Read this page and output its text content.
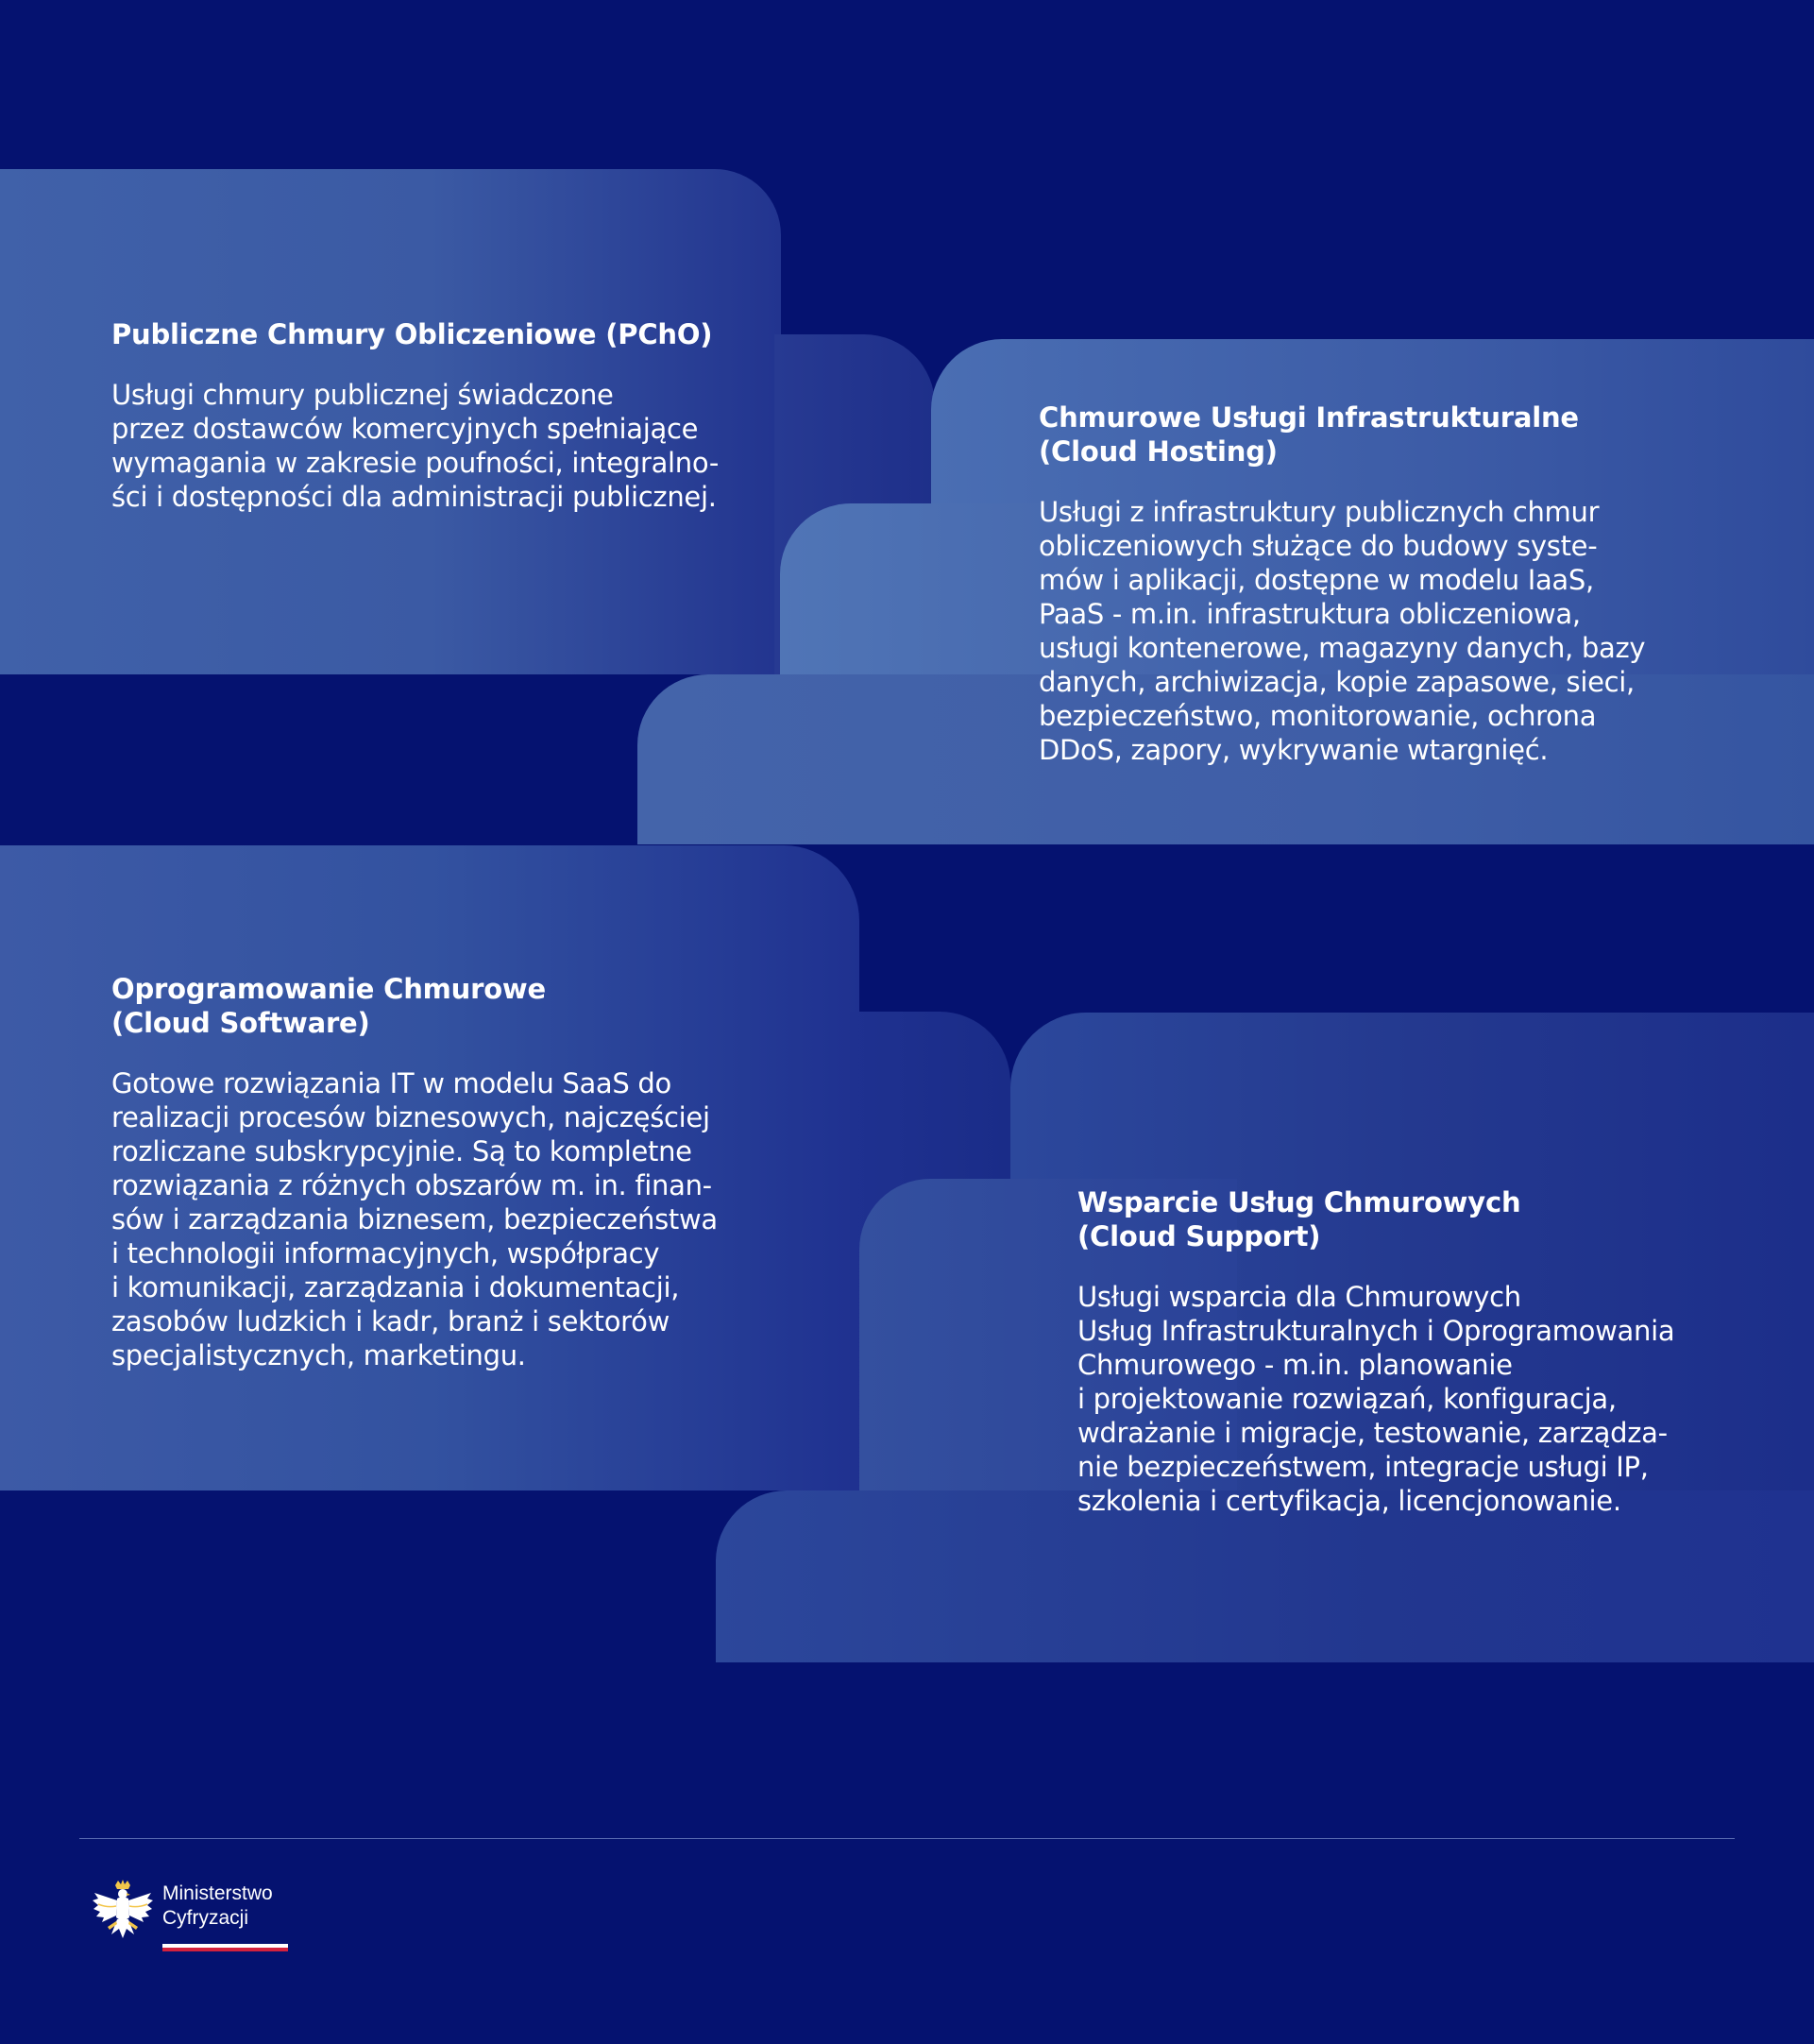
Publiczne Chmury Obliczeniowe (PChO)

Usługi chmury publicznej świadczone
przez dostawców komercyjnych spełniające
wymagania w zakresie poufności, integralno-
ści i dostępności dla administracji publicznej.

Chmurowe Usługi Infrastrukturalne
(Cloud Hosting)

Usługi z infrastruktury publicznych chmur
obliczeniowych służące do budowy syste-
mów i aplikacji, dostępne w modelu IaaS,
PaaS - m.in. infrastruktura obliczeniowa,
usługi kontenerowe, magazyny danych, bazy
danych, archiwizacja, kopie zapasowe, sieci,
bezpieczeństwo, monitorowanie, ochrona
DDoS, zapory, wykrywanie wtargnięć.

Oprogramowanie Chmurowe
(Cloud Software)

Gotowe rozwiązania IT w modelu SaaS do
realizacji procesów biznesowych, najczęściej
rozliczane subskrypcyjnie. Są to kompletne
rozwiązania z różnych obszarów m. in. finan-
sów i zarządzania biznesem, bezpieczeństwa
i technologii informacyjnych, współpracy
i komunikacji, zarządzania i dokumentacji,
zasobów ludzkich i kadr, branż i sektorów
specjalistycznych, marketingu.

Wsparcie Usług Chmurowych
(Cloud Support)

Usługi wsparcia dla Chmurowych
Usług Infrastrukturalnych i Oprogramowania
Chmurowego - m.in. planowanie
i projektowanie rozwiązań, konfiguracja,
wdrażanie i migracje, testowanie, zarządza-
nie bezpieczeństwem, integracje usługi IP,
szkolenia i certyfikacja, licencjonowanie.

Ministerstwo
Cyfryzacji
